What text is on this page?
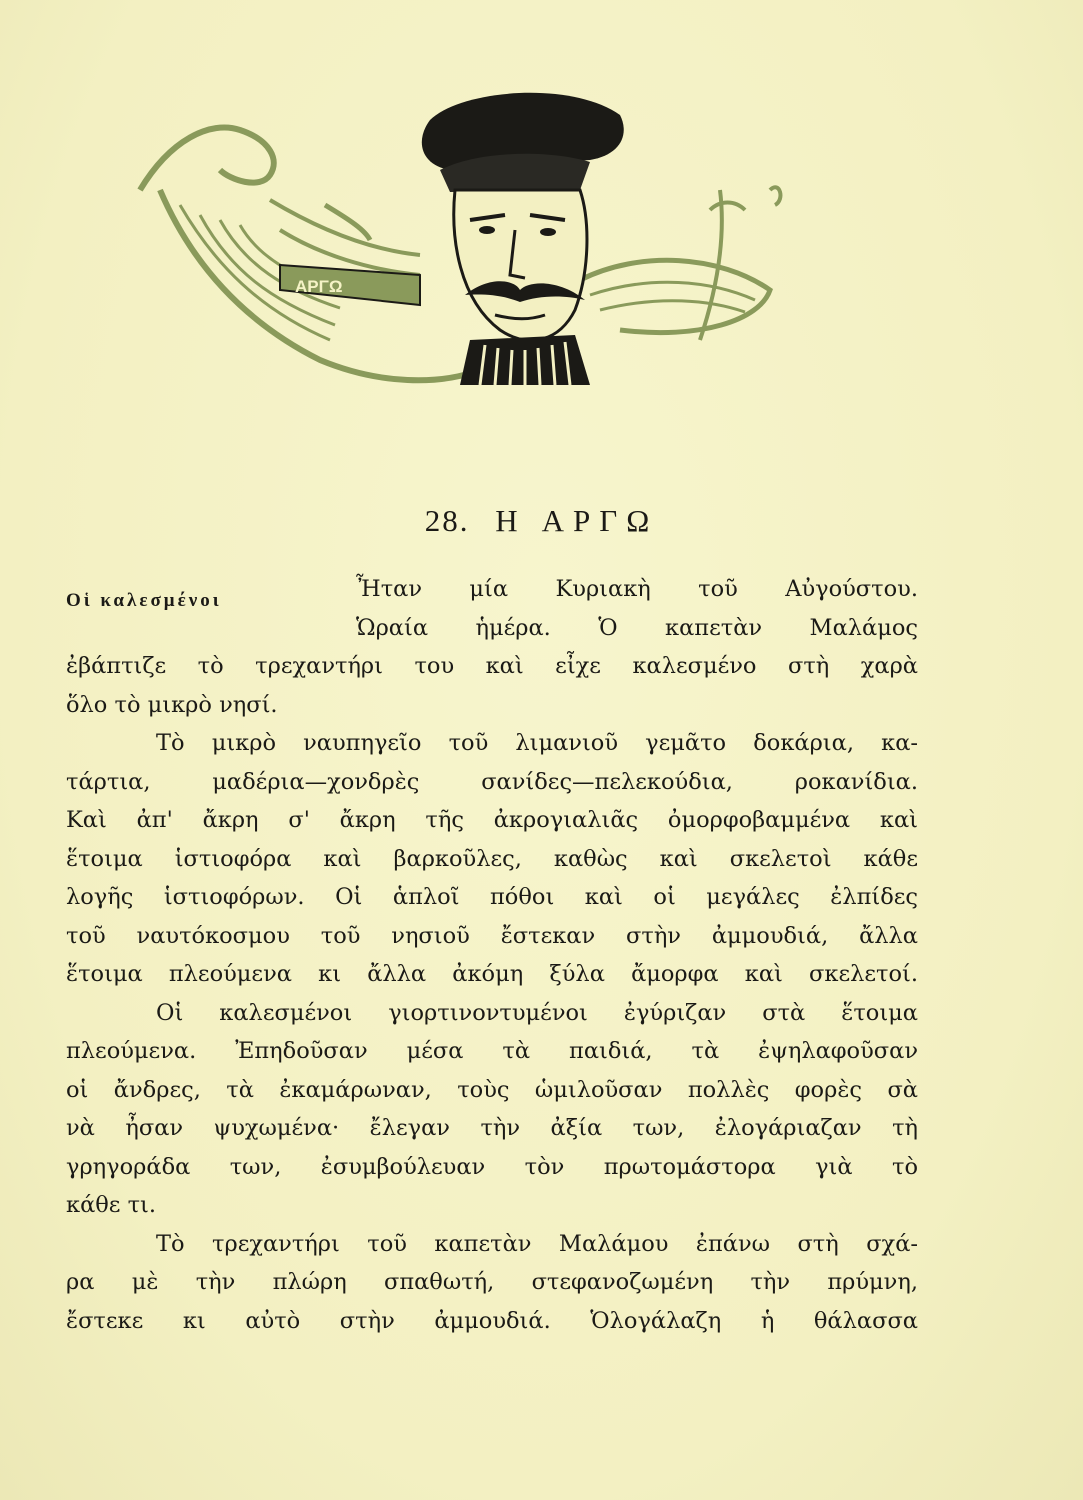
ΑΡΓΩ
28. Η ΑΡΓΩ
Οἱ καλεσμένοι	Ἦταν μία Κυριακὴ τοῦ Αὐγούστου.
Ὡραία ἡμέρα. Ὁ καπετὰν Μαλάμος
ἐβάπτιζε τὸ τρεχαντήρι του καὶ εἶχε καλεσμένο στὴ χαρὰ
ὅλο τὸ μικρὸ νησί.
Τὸ μικρὸ ναυπηγεῖο τοῦ λιμανιοῦ γεμᾶτο δοκάρια, κα-
τάρτια, μαδέρια—χονδρὲς σανίδες—πελεκούδια, ροκανίδια.
Καὶ ἀπ' ἄκρη σ' ἄκρη τῆς ἀκρογιαλιᾶς ὀμορφοβαμμένα καὶ
ἕτοιμα ἱστιοφόρα καὶ βαρκοῦλες, καθὼς καὶ σκελετοὶ κάθε
λογῆς ἱστιοφόρων. Οἱ ἁπλοῖ πόθοι καὶ οἱ μεγάλες ἐλπίδες
τοῦ ναυτόκοσμου τοῦ νησιοῦ ἔστεκαν στὴν ἀμμουδιά, ἄλλα
ἕτοιμα πλεούμενα κι ἄλλα ἀκόμη ξύλα ἄμορφα καὶ σκελετοί.
Οἱ καλεσμένοι γιορτινοντυμένοι ἐγύριζαν στὰ ἕτοιμα
πλεούμενα. Ἐπηδοῦσαν μέσα τὰ παιδιά, τὰ ἐψηλαφοῦσαν
οἱ ἄνδρες, τὰ ἐκαμάρωναν, τοὺς ὡμιλοῦσαν πολλὲς φορὲς σὰ
νὰ ἦσαν ψυχωμένα· ἔλεγαν τὴν ἀξία των, ἐλογάριαζαν τὴ
γρηγοράδα των, ἐσυμβούλευαν τὸν πρωτομάστορα γιὰ τὸ
κάθε τι.
Τὸ τρεχαντήρι τοῦ καπετὰν Μαλάμου ἐπάνω στὴ σχά-
ρα μὲ τὴν πλώρη σπαθωτή, στεφανοζωμένη τὴν πρύμνη,
ἔστεκε κι αὐτὸ στὴν ἀμμουδιά. Ὁλογάλαζη ἡ θάλασσα
